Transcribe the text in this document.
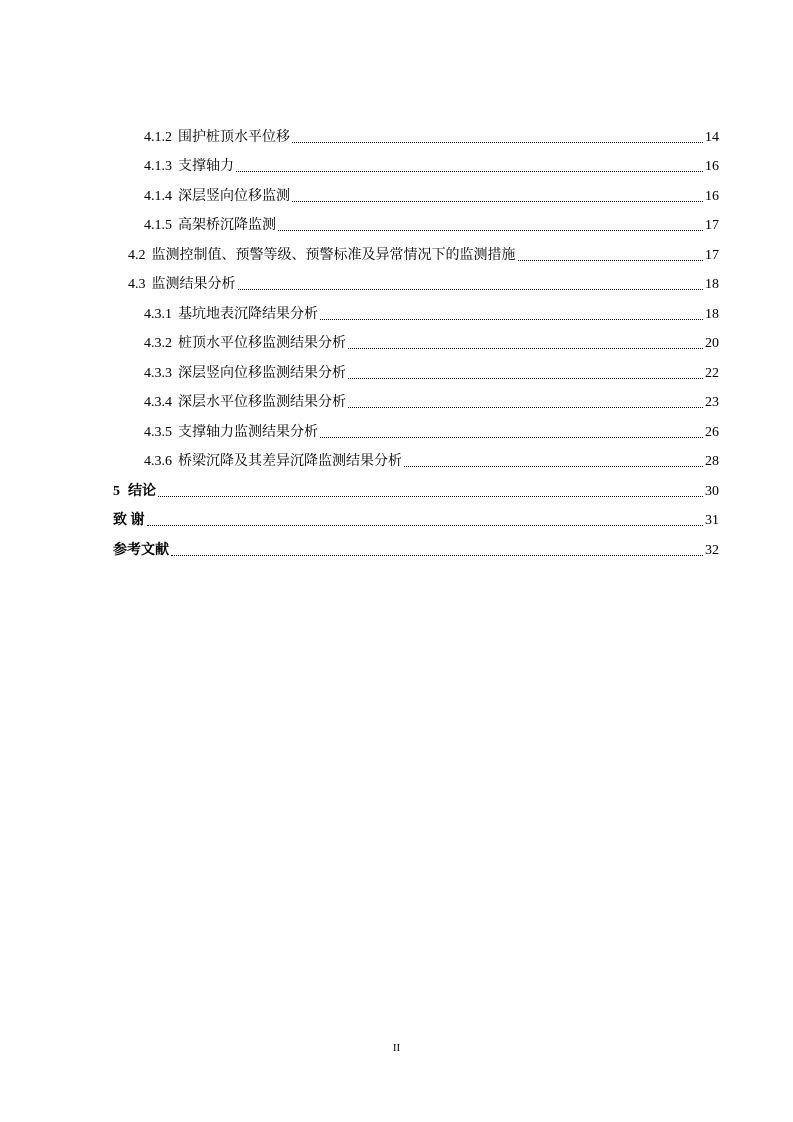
4.1.2 围护桩顶水平位移	14
4.1.3 支撑轴力	16
4.1.4 深层竖向位移监测	16
4.1.5 高架桥沉降监测	17
4.2 监测控制值、预警等级、预警标准及异常情况下的监测措施	17
4.3 监测结果分析	18
4.3.1 基坑地表沉降结果分析	18
4.3.2 桩顶水平位移监测结果分析	20
4.3.3 深层竖向位移监测结果分析	22
4.3.4 深层水平位移监测结果分析	23
4.3.5 支撑轴力监测结果分析	26
4.3.6 桥梁沉降及其差异沉降监测结果分析	28
5 结论	30
致 谢	31
参考文献	32
II
